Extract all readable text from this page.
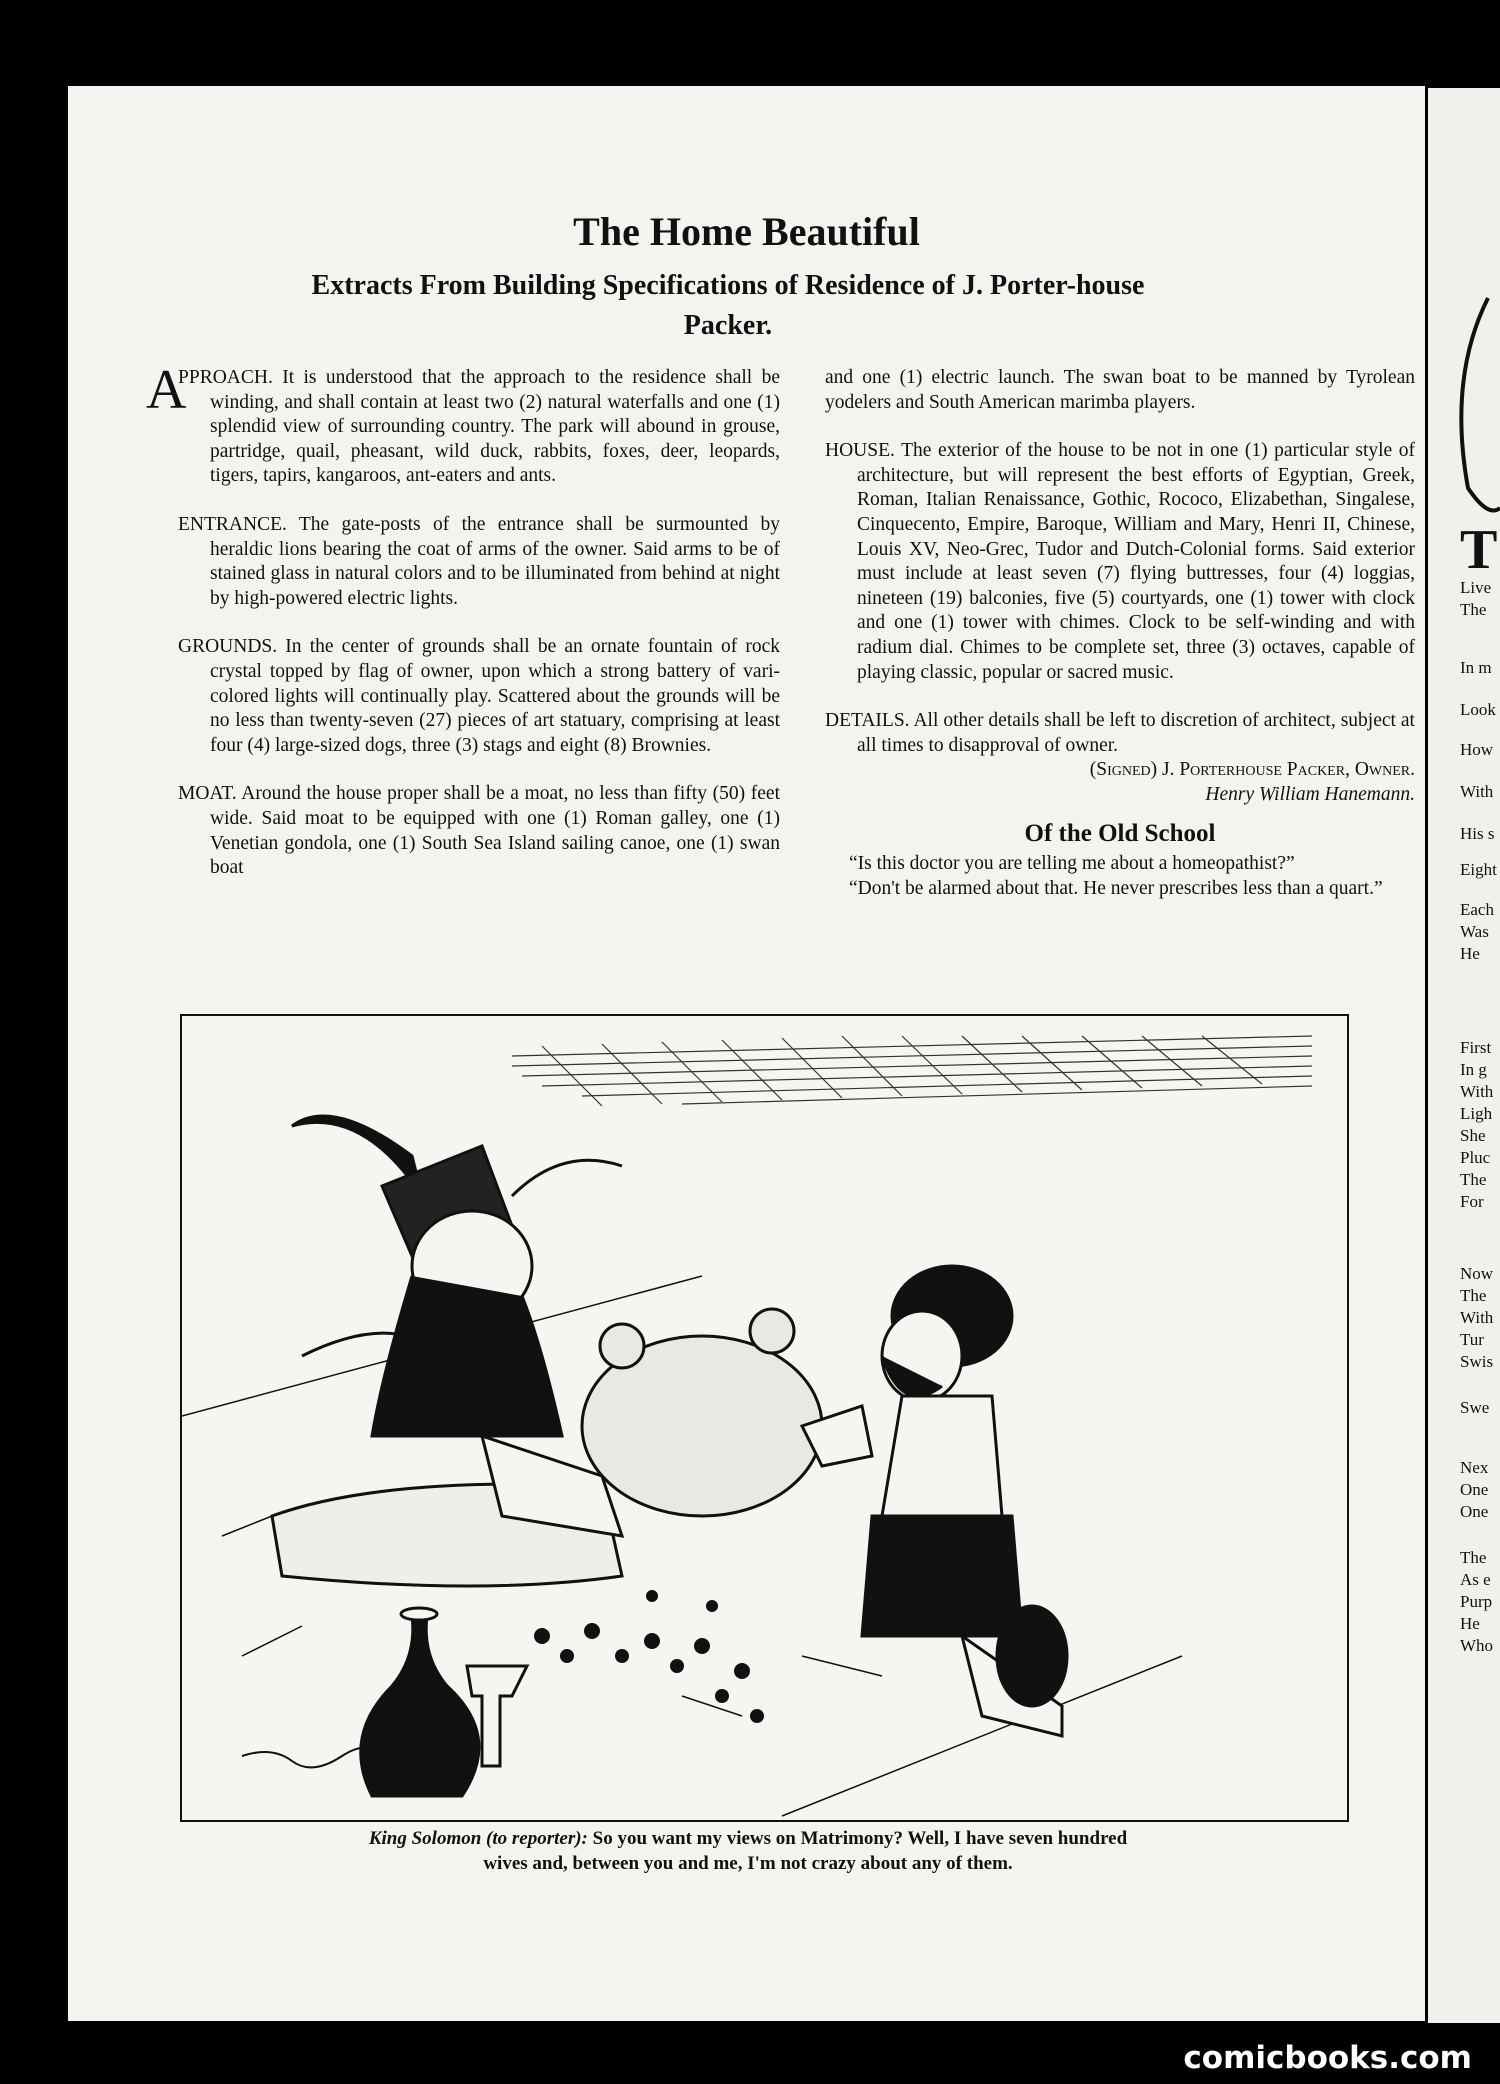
The Home Beautiful
Extracts From Building Specifications of Residence of J. Porter-house Packer.

A
PPROACH. It is understood that the approach to the residence shall be winding, and shall contain at least two (2) natural waterfalls and one (1) splendid view of surrounding country. The park will abound in grouse, partridge, quail, pheasant, wild duck, rabbits, foxes, deer, leopards, tigers, tapirs, kangaroos, ant-eaters and ants.

ENTRANCE. The gate-posts of the entrance shall be surmounted by heraldic lions bearing the coat of arms of the owner. Said arms to be of stained glass in natural colors and to be illuminated from behind at night by high-powered electric lights.

GROUNDS. In the center of grounds shall be an ornate fountain of rock crystal topped by flag of owner, upon which a strong battery of vari-colored lights will continually play. Scattered about the grounds will be no less than twenty-seven (27) pieces of art statuary, comprising at least four (4) large-sized dogs, three (3) stags and eight (8) Brownies.

MOAT. Around the house proper shall be a moat, no less than fifty (50) feet wide. Said moat to be equipped with one (1) Roman galley, one (1) Venetian gondola, one (1) South Sea Island sailing canoe, one (1) swan boat

and one (1) electric launch. The swan boat to be manned by Tyrolean yodelers and South American marimba players.

HOUSE. The exterior of the house to be not in one (1) particular style of architecture, but will represent the best efforts of Egyptian, Greek, Roman, Italian Renaissance, Gothic, Rococo, Elizabethan, Singalese, Cinquecento, Empire, Baroque, William and Mary, Henri II, Chinese, Louis XV, Neo-Grec, Tudor and Dutch-Colonial forms. Said exterior must include at least seven (7) flying buttresses, four (4) loggias, nineteen (19) balconies, five (5) courtyards, one (1) tower with clock and one (1) tower with chimes. Clock to be self-winding and with radium dial. Chimes to be complete set, three (3) octaves, capable of playing classic, popular or sacred music.

DETAILS. All other details shall be left to discretion of architect, subject at all times to disapproval of owner.

(Signed) J. Porterhouse Packer, Owner.

Henry William Hanemann.

Of the Old School

“Is this doctor you are telling me about a homeopathist?”

“Don't be alarmed about that. He never prescribes less than a quart.”

King Solomon (to reporter): So you want my views on Matrimony? Well, I have seven hundred wives and, between you and me, I'm not crazy about any of them.
T
Live
The
In m
Look
How
With
His s
Eight
Each
Was
He
First
In g
With
Ligh
She
Pluc
The
For
Now
The
With
Tur
Swis
Swe
Nex
One
One
The
As e
Purp
He
Who
comicbooks.com
